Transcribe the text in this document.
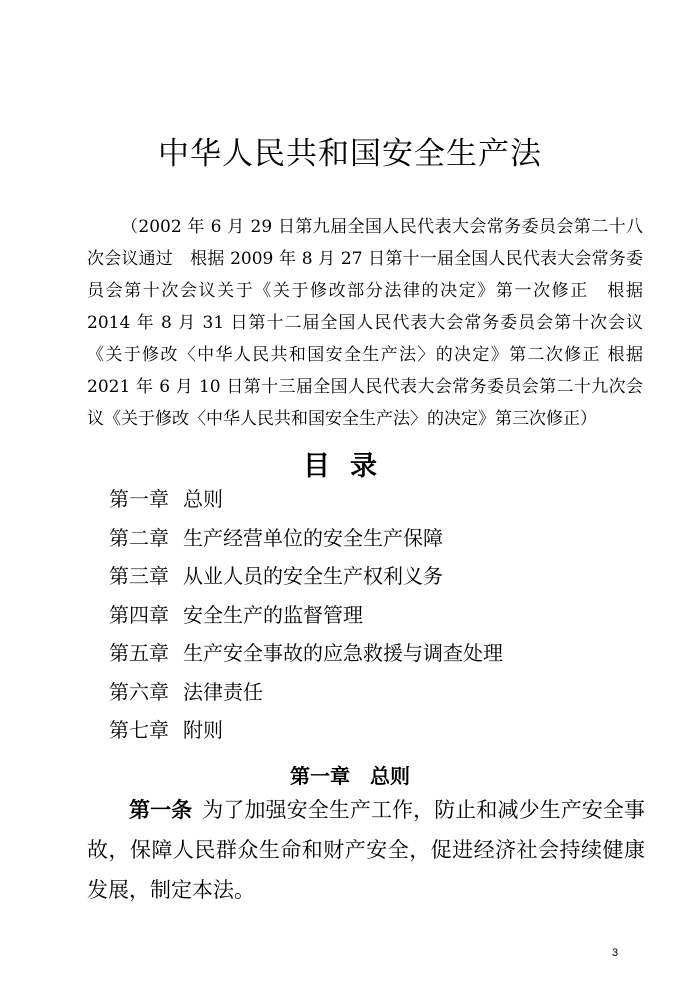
中华人民共和国安全生产法

（2002 年 6 月 29 日第九届全国人民代表大会常务委员会第二十八次会议通过　根据 2009 年 8 月 27 日第十一届全国人民代表大会常务委员会第十次会议关于《关于修改部分法律的决定》第一次修正　根据 2014 年 8 月 31 日第十二届全国人民代表大会常务委员会第十次会议《关于修改〈中华人民共和国安全生产法〉的决定》第二次修正 根据 2021 年 6 月 10 日第十三届全国人民代表大会常务委员会第二十九次会议《关于修改〈中华人民共和国安全生产法〉的决定》第三次修正）

目录
第一章 总则
第二章 生产经营单位的安全生产保障
第三章 从业人员的安全生产权利义务
第四章 安全生产的监督管理
第五章 生产安全事故的应急救援与调查处理
第六章 法律责任
第七章 附则
第一章　总则

第一条 为了加强安全生产工作，防止和减少生产安全事故，保障人民群众生命和财产安全，促进经济社会持续健康发展，制定本法。

3
